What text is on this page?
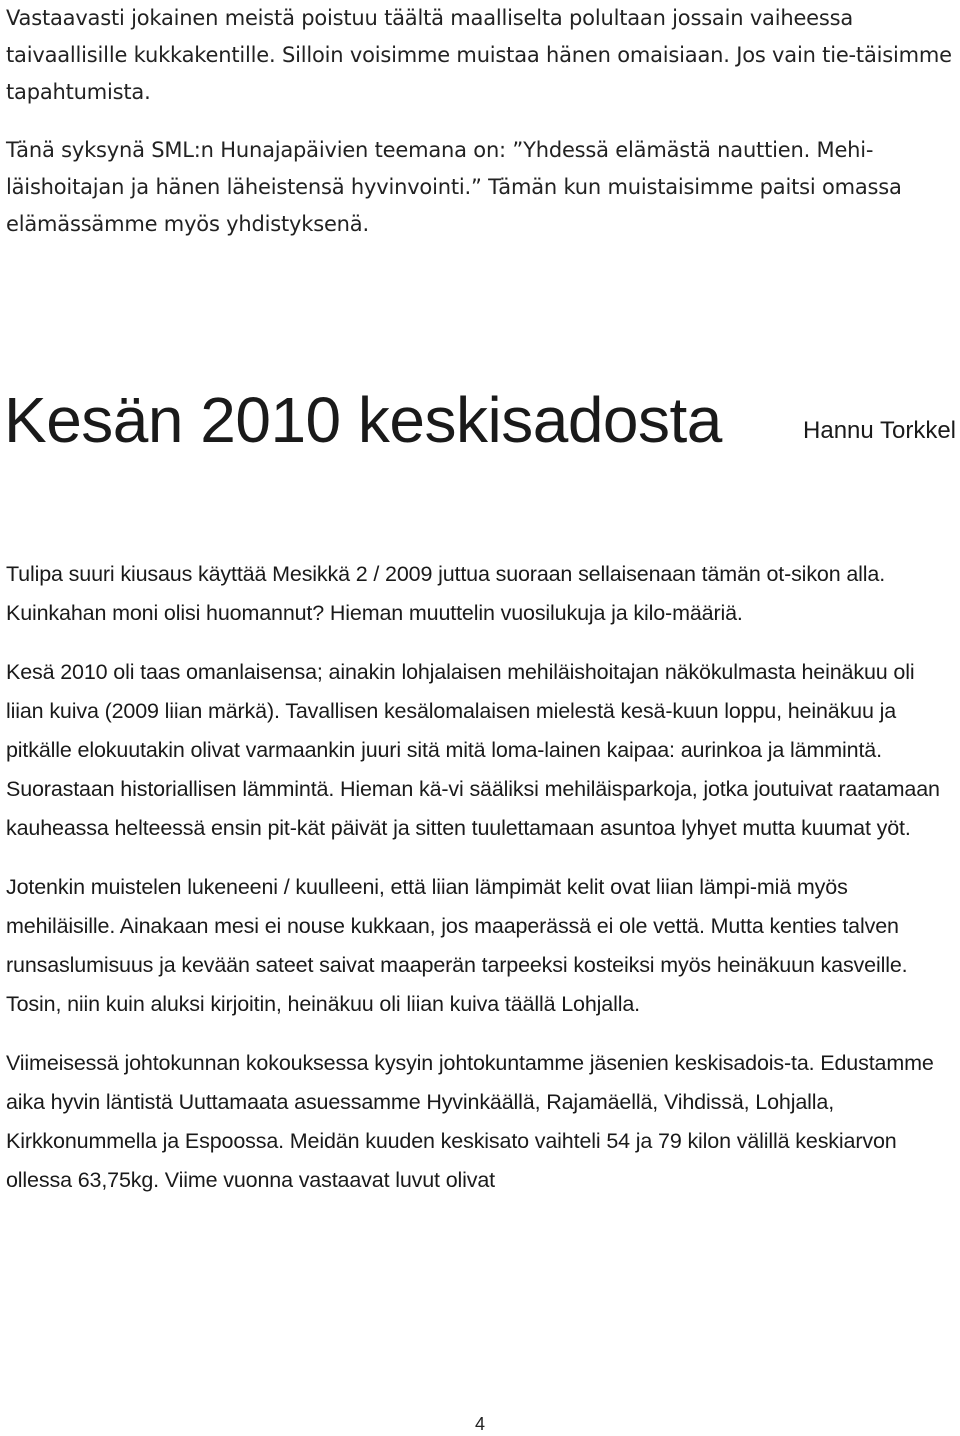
Vastaavasti jokainen meistä poistuu täältä maalliselta polultaan jossain vaiheessa taivaallisille kukkakentille. Silloin voisimme muistaa hänen omaisiaan. Jos vain tie-täisimme tapahtumista.

Tänä syksynä SML:n Hunajapäivien teemana on: ”Yhdessä elämästä nauttien. Mehi-läishoitajan ja hänen läheistensä hyvinvointi.” Tämän kun muistaisimme paitsi omassa elämässämme myös yhdistyksenä.

Kesän 2010 keskisadosta	Hannu Torkkel

Tulipa suuri kiusaus käyttää Mesikkä 2 / 2009 juttua suoraan sellaisenaan tämän ot-sikon alla. Kuinkahan moni olisi huomannut? Hieman muuttelin vuosilukuja ja kilo-määriä.

Kesä 2010 oli taas omanlaisensa; ainakin lohjalaisen mehiläishoitajan näkökulmasta heinäkuu oli liian kuiva (2009 liian märkä). Tavallisen kesälomalaisen mielestä kesä-kuun loppu, heinäkuu ja pitkälle elokuutakin olivat varmaankin juuri sitä mitä loma-lainen kaipaa: aurinkoa ja lämmintä. Suorastaan historiallisen lämmintä. Hieman kä-vi sääliksi mehiläisparkoja, jotka joutuivat raatamaan kauheassa helteessä ensin pit-kät päivät ja sitten tuulettamaan asuntoa lyhyet mutta kuumat yöt.

Jotenkin muistelen lukeneeni / kuulleeni, että liian lämpimät kelit ovat liian lämpi-miä myös mehiläisille. Ainakaan mesi ei nouse kukkaan, jos maaperässä ei ole vettä. Mutta kenties talven runsaslumisuus ja kevään sateet saivat maaperän tarpeeksi kosteiksi myös heinäkuun kasveille. Tosin, niin kuin aluksi kirjoitin, heinäkuu oli liian kuiva täällä Lohjalla.

Viimeisessä johtokunnan kokouksessa kysyin johtokuntamme jäsenien keskisadois-ta. Edustamme aika hyvin läntistä Uuttamaata asuessamme Hyvinkäällä, Rajamäellä, Vihdissä, Lohjalla, Kirkkonummella ja Espoossa. Meidän kuuden keskisato vaihteli 54 ja 79 kilon välillä keskiarvon ollessa 63,75kg. Viime vuonna vastaavat luvut olivat

4
